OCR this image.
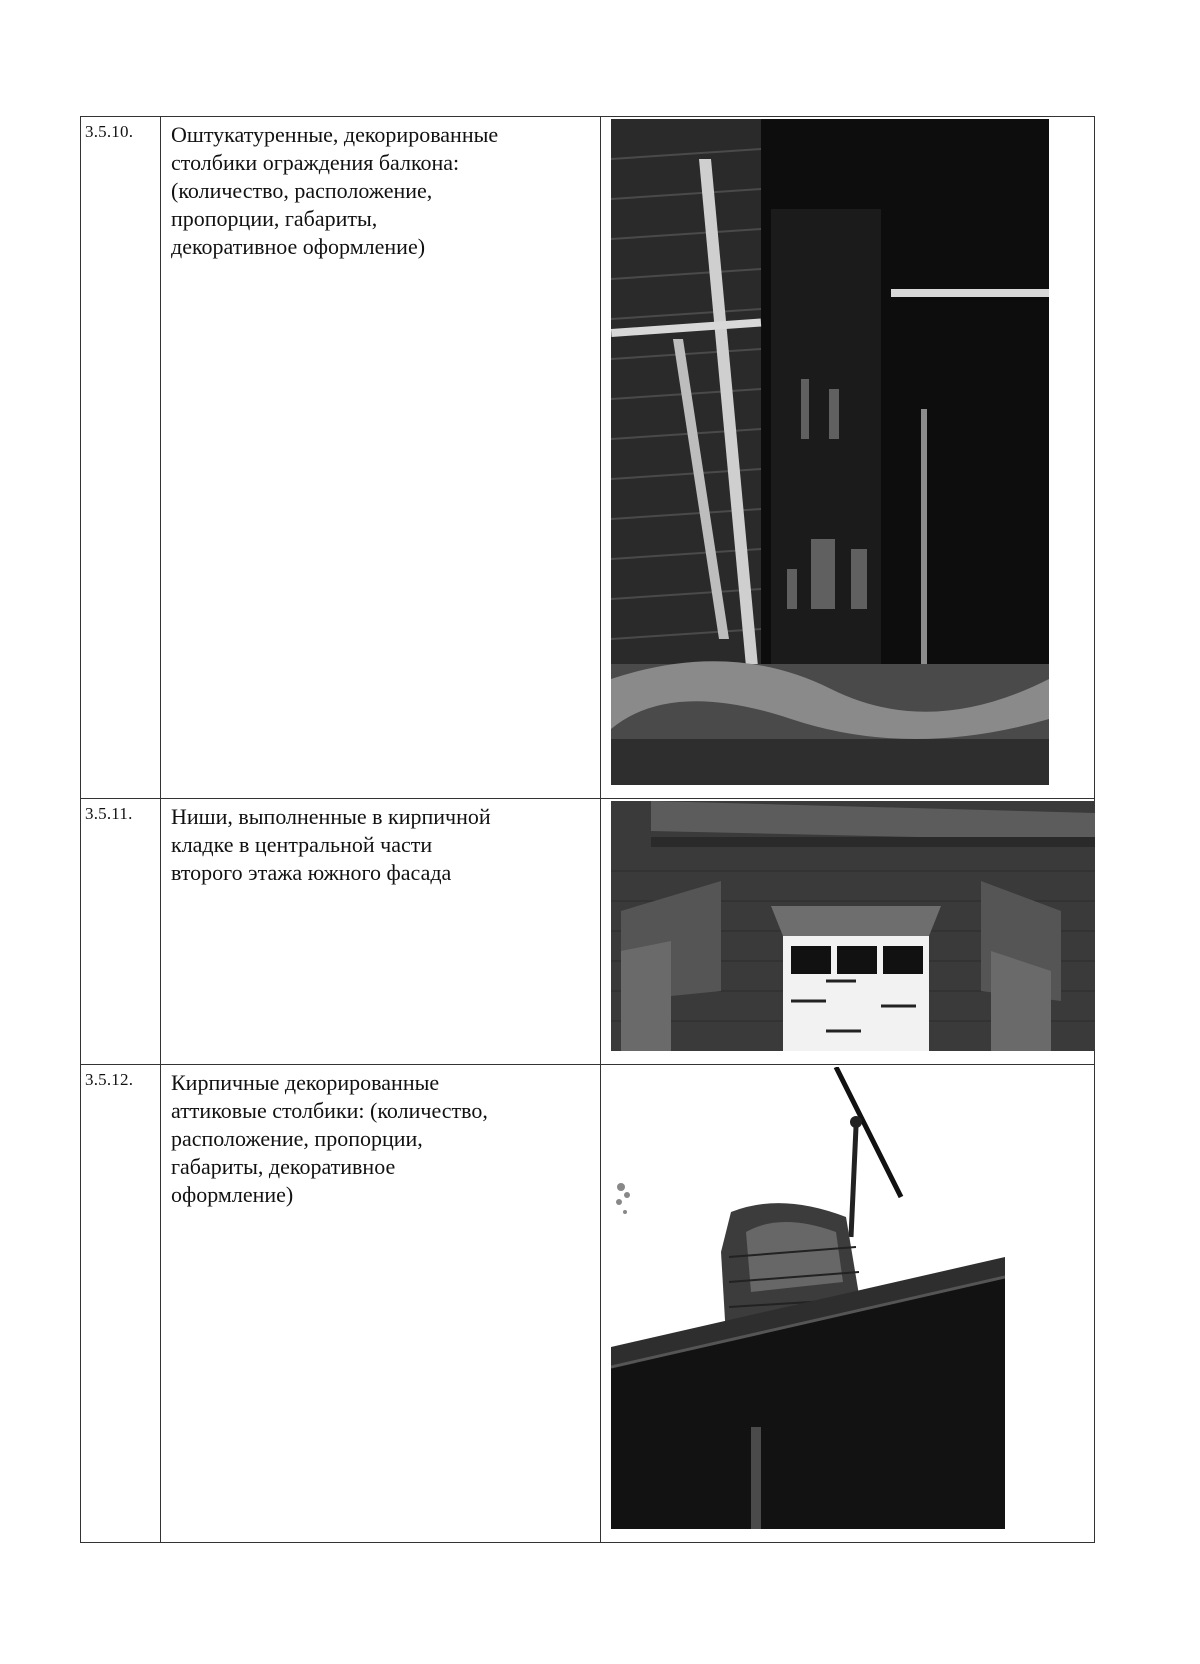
3.5.10.	Оштукатуренные, декорированные
столбики ограждения балкона:
(количество, расположение,
пропорции, габариты,
декоративное оформление)

3.5.11.	Ниши, выполненные в кирпичной
кладке в центральной части
второго этажа южного фасада

3.5.12.	Кирпичные декорированные
аттиковые столбики: (количество,
расположение, пропорции,
габариты, декоративное
оформление)
